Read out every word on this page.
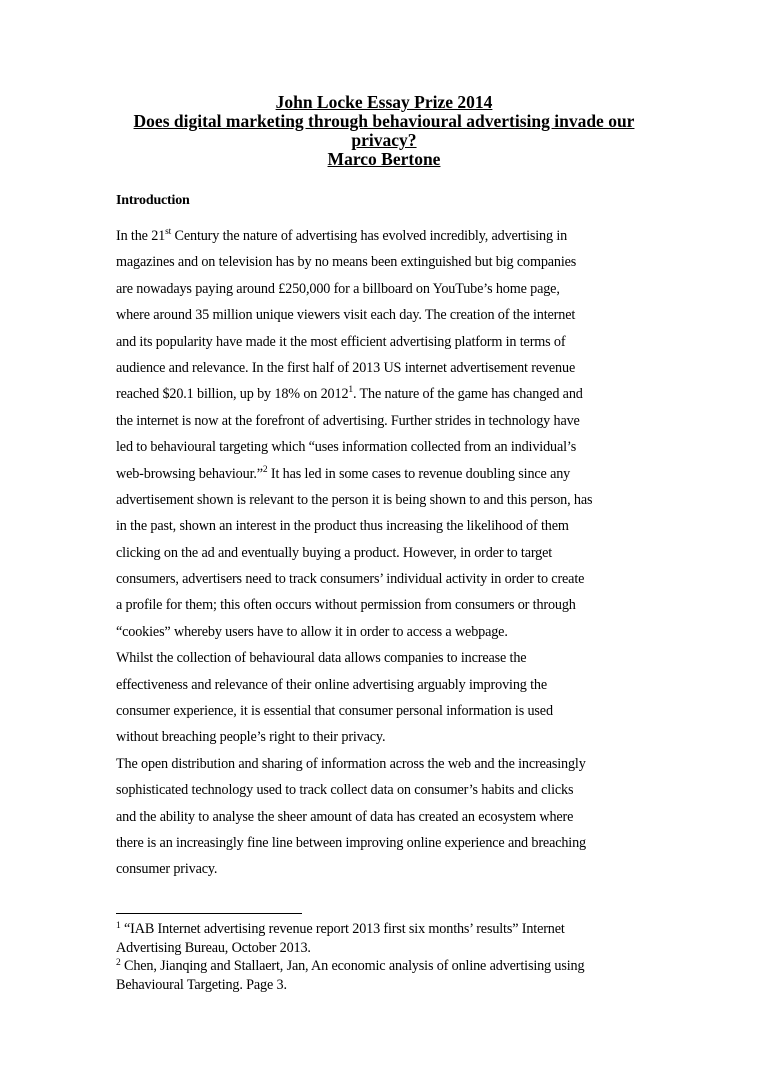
John Locke Essay Prize 2014
Does digital marketing through behavioural advertising invade our
privacy?
Marco Bertone
Introduction
In the 21st Century the nature of advertising has evolved incredibly, advertising in
magazines and on television has by no means been extinguished but big companies
are nowadays paying around £250,000 for a billboard on YouTube’s home page,
where around 35 million unique viewers visit each day. The creation of the internet
and its popularity have made it the most efficient advertising platform in terms of
audience and relevance. In the first half of 2013 US internet advertisement revenue
reached $20.1 billion, up by 18% on 2012$^1$. The nature of the game has changed and
the internet is now at the forefront of advertising. Further strides in technology have
led to behavioural targeting which “uses information collected from an individual’s
web-browsing behaviour.”$^2$ It has led in some cases to revenue doubling since any
advertisement shown is relevant to the person it is being shown to and this person, has
in the past, shown an interest in the product thus increasing the likelihood of them
clicking on the ad and eventually buying a product. However, in order to target
consumers, advertisers need to track consumers’ individual activity in order to create
a profile for them; this often occurs without permission from consumers or through
“cookies” whereby users have to allow it in order to access a webpage.
Whilst the collection of behavioural data allows companies to increase the
effectiveness and relevance of their online advertising arguably improving the
consumer experience, it is essential that consumer personal information is used
without breaching people’s right to their privacy.
The open distribution and sharing of information across the web and the increasingly
sophisticated technology used to track collect data on consumer’s habits and clicks
and the ability to analyse the sheer amount of data has created an ecosystem where
there is an increasingly fine line between improving online experience and breaching
consumer privacy.
$^1$ “IAB Internet advertising revenue report 2013 first six months’ results” Internet
Advertising Bureau, October 2013.
$^2$ Chen, Jianqing and Stallaert, Jan, An economic analysis of online advertising using
Behavioural Targeting. Page 3.
